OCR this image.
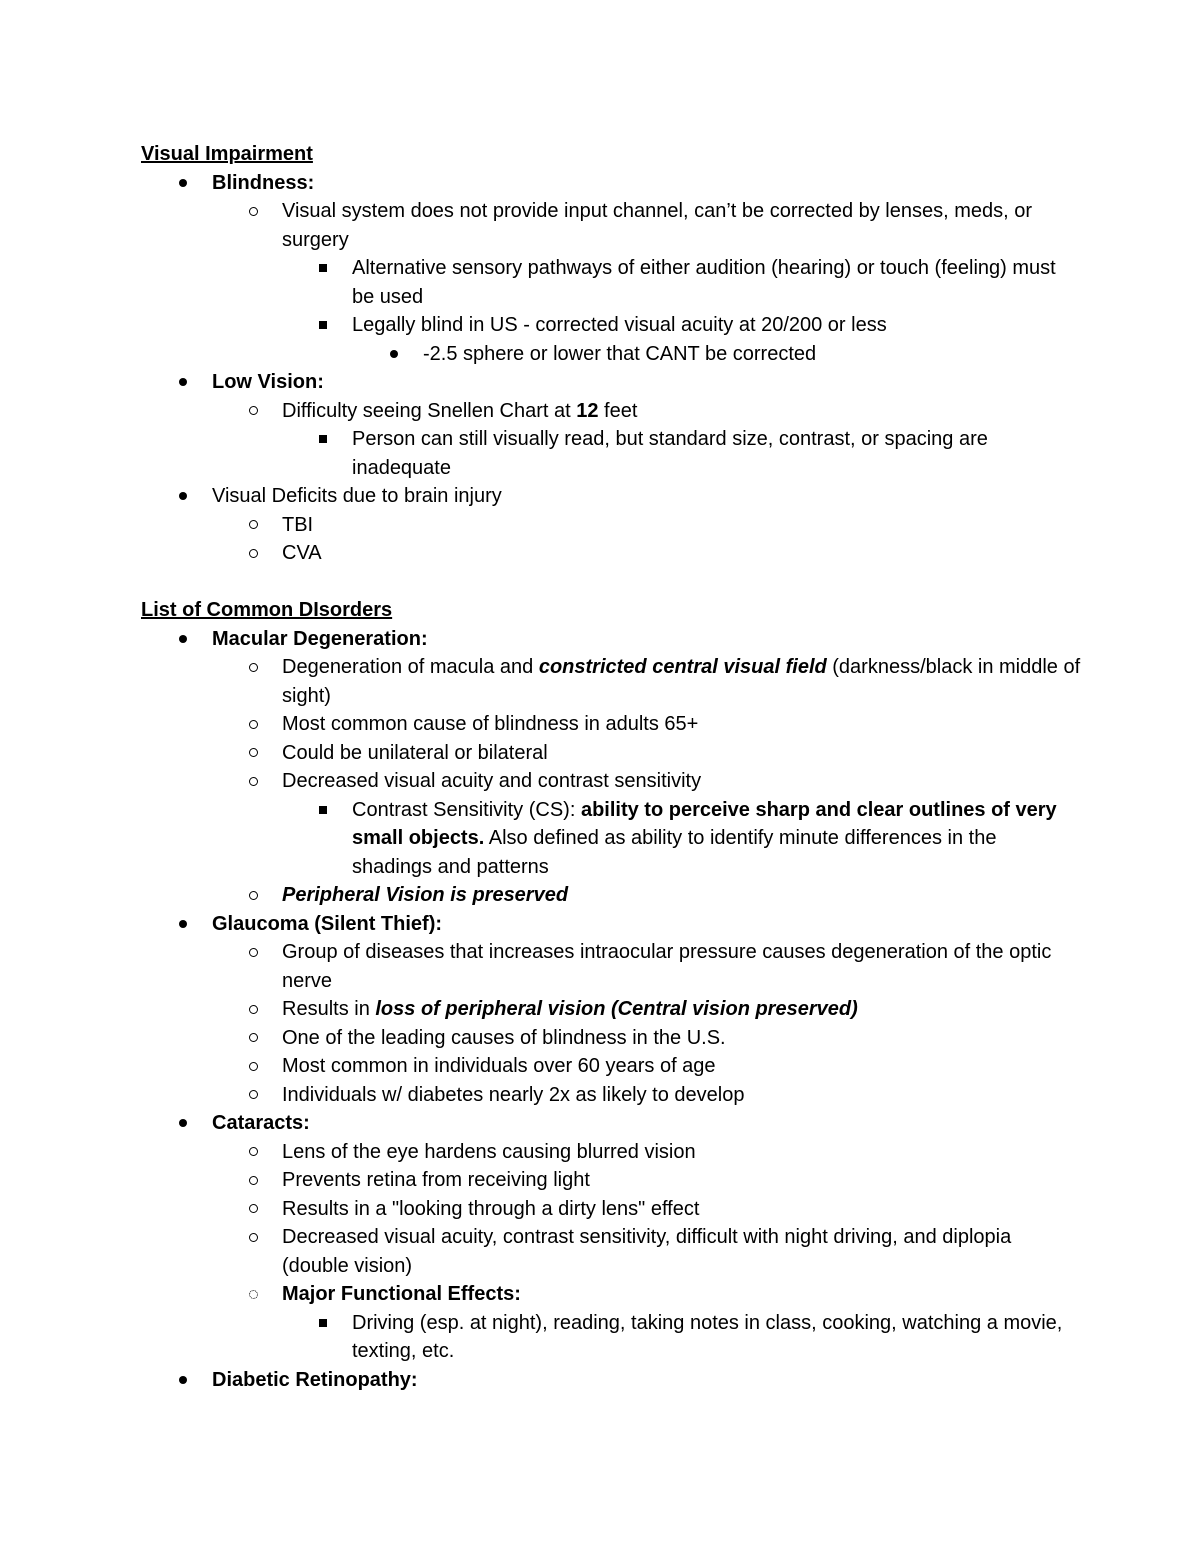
Visual Impairment
Blindness:
Visual system does not provide input channel, can’t be corrected by lenses, meds, or surgery
Alternative sensory pathways of either audition (hearing) or touch (feeling) must be used
Legally blind in US - corrected visual acuity at 20/200 or less
-2.5 sphere or lower that CANT be corrected
Low Vision:
Difficulty seeing Snellen Chart at 12 feet
Person can still visually read, but standard size, contrast, or spacing are inadequate
Visual Deficits due to brain injury
TBI
CVA
List of Common DIsorders
Macular Degeneration:
Degeneration of macula and constricted central visual field (darkness/black in middle of sight)
Most common cause of blindness in adults 65+
Could be unilateral or bilateral
Decreased visual acuity and contrast sensitivity
Contrast Sensitivity (CS): ability to perceive sharp and clear outlines of very small objects. Also defined as ability to identify minute differences in the shadings and patterns
Peripheral Vision is preserved
Glaucoma (Silent Thief):
Group of diseases that increases intraocular pressure causes degeneration of the optic nerve
Results in loss of peripheral vision (Central vision preserved)
One of the leading causes of blindness in the U.S.
Most common in individuals over 60 years of age
Individuals w/ diabetes nearly 2x as likely to develop
Cataracts:
Lens of the eye hardens causing blurred vision
Prevents retina from receiving light
Results in a "looking through a dirty lens" effect
Decreased visual acuity, contrast sensitivity, difficult with night driving, and diplopia (double vision)
Major Functional Effects:
Driving (esp. at night), reading, taking notes in class, cooking, watching a movie, texting, etc.
Diabetic Retinopathy:
